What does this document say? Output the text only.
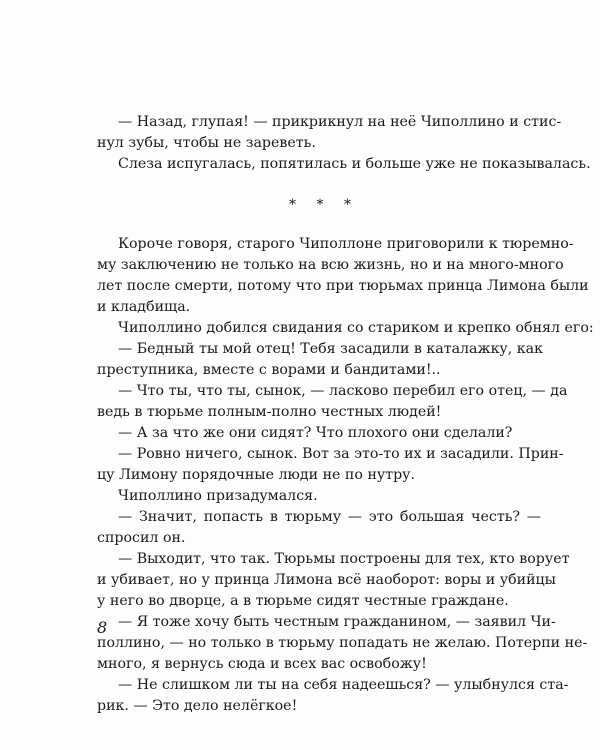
— Назад, глупая! — прикрикнул на неё Чиполлино и стис-
нул зубы, чтобы не зареветь.

Слеза испугалась, попятилась и больше уже не показывалась.

* * *

Короче говоря, старого Чиполлоне приговорили к тюремно-
му заключению не только на всю жизнь, но и на много-много
лет после смерти, потому что при тюрьмах принца Лимона были
и кладбища.

Чиполлино добился свидания со стариком и крепко обнял его:

— Бедный ты мой отец! Тебя засадили в каталажку, как
преступника, вместе с ворами и бандитами!..

— Что ты, что ты, сынок, — ласково перебил его отец, — да
ведь в тюрьме полным-полно честных людей!

— А за что же они сидят? Что плохого они сделали?

— Ровно ничего, сынок. Вот за это-то их и засадили. Прин-
цу Лимону порядочные люди не по нутру.

Чиполлино призадумался.

— Значит, попасть в тюрьму — это большая честь? —
спросил он.

— Выходит, что так. Тюрьмы построены для тех, кто ворует
и убивает, но у принца Лимона всё наоборот: воры и убийцы
у него во дворце, а в тюрьме сидят честные граждане.

— Я тоже хочу быть честным гражданином, — заявил Чи-
поллино, — но только в тюрьму попадать не желаю. Потерпи не-
много, я вернусь сюда и всех вас освобожу!

— Не слишком ли ты на себя надеешься? — улыбнулся ста-
рик. — Это дело нелёгкое!

8
